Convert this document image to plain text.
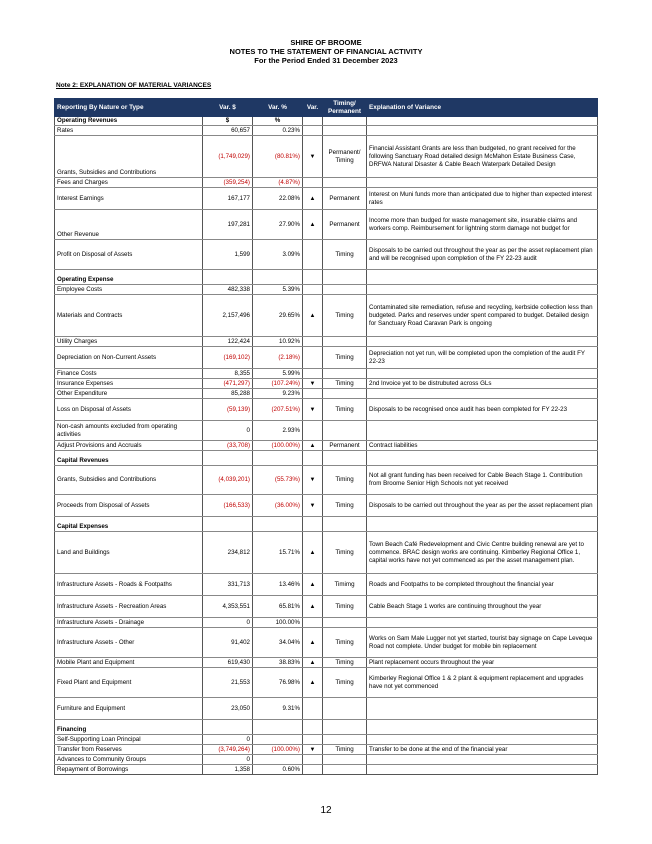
SHIRE OF BROOME
NOTES TO THE STATEMENT OF FINANCIAL ACTIVITY
For the Period Ended 31 December 2023
Note 2: EXPLANATION OF MATERIAL VARIANCES
Reporting By Nature or Type	Var. $	Var. %	Var.	Timing/ Permanent	Explanation of Variance
Operating Revenues	$	%			
Rates	60,657	0.23%			
Grants, Subsidies and Contributions	(1,749,029)	(80.81%)	▼	Permanent/ Timing	Financial Assistant Grants are less than budgeted, no grant received for the following Sanctuary Road detailed design McMahon Estate Business Case, DRFWA Natural Disaster & Cable Beach Waterpark Detailed Design
Fees and Charges	(359,254)	(4.87%)			
Interest Earnings	167,177	22.08%	▲	Permanent	Interest on Muni funds more than anticipated due to higher than expected interest rates
Other Revenue	197,281	27.90%	▲	Permanent	Income more than budged for waste management site, insurable claims and workers comp. Reimbursement for lightning storm damage not budget for
Profit on Disposal of Assets	1,599	3.09%		Timing	Disposals to be carried out throughout the year as per the asset replacement plan and will be recognised upon completion of the FY 22-23 audit

Operating Expense					
Employee Costs	482,338	5.39%			
Materials and Contracts	2,157,496	29.65%	▲	Timing	Contaminated site remediation, refuse and recycling, kerbside collection less than budgeted. Parks and reserves under spent compared to budget. Detailed design for Sanctuary Road Caravan Park is ongoing
Utility Charges	122,424	10.92%			
Depreciation on Non-Current Assets	(169,102)	(2.18%)		Timing	Depreciation not yet run, will be completed upon the completion of the audit FY 22-23
Finance Costs	8,355	5.99%			
Insurance Expenses	(471,297)	(107.24%)	▼	Timing	2nd Invoice yet to be distrubuted across GLs
Other Expenditure	85,288	9.23%			
Loss on Disposal of Assets	(59,139)	(207.51%)	▼	Timing	Disposals to be recognised once audit has been completed for FY 22-23
Non-cash amounts excluded from operating activities	0	2.93%			
Adjust Provisions and Accruals	(33,708)	(100.00%)	▲	Permanent	Contract liabilities

Capital Revenues					
Grants, Subsidies and Contributions	(4,039,201)	(55.73%)	▼	Timing	Not all grant funding has been received for Cable Beach Stage 1. Contribution from Broome Senior High Schools not yet received
Proceeds from Disposal of Assets	(166,533)	(36.00%)	▼	Timing	Disposals to be carried out throughout the year as per the asset replacement plan

Capital Expenses					
Land and Buildings	234,812	15.71%	▲	Timing	Town Beach Café Redevelopment and Civic Centre building renewal are yet to commence. BRAC design works are continuing. Kimberley Regional Office 1, capital works have not yet commenced as per the asset management plan.
Infrastructure Assets - Roads & Footpaths	331,713	13.46%	▲	Timimg	Roads and Footpaths to be completed throughout the financial year
Infrastructure Assets - Recreation Areas	4,353,551	65.81%	▲	Timing	Cable Beach Stage 1 works are continuing throughout the year
Infrastructure Assets - Drainage	0	100.00%			
Infrastructure Assets - Other	91,402	34.04%	▲	Timing	Works on Sam Male Lugger not yet started, tourist bay signage on Cape Leveque Road not complete. Under budget for mobile bin replacement
Mobile Plant and Equipment	619,430	38.83%	▲	Timing	Plant replacement occurs throughout the year
Fixed Plant and Equipment	21,553	76.98%	▲	Timing	Kimberley Regional Office 1 & 2 plant & equipment replacement and upgrades have not yet commenced
Furniture and Equipment	23,050	9.31%			

Financing					
Self-Supporting Loan Principal	0				
Transfer from Reserves	(3,749,264)	(100.00%)	▼	Timing	Transfer to be done at the end of the financial year
Advances to Community Groups	0				
Repayment of Borrowings	1,358	0.60%			
12
